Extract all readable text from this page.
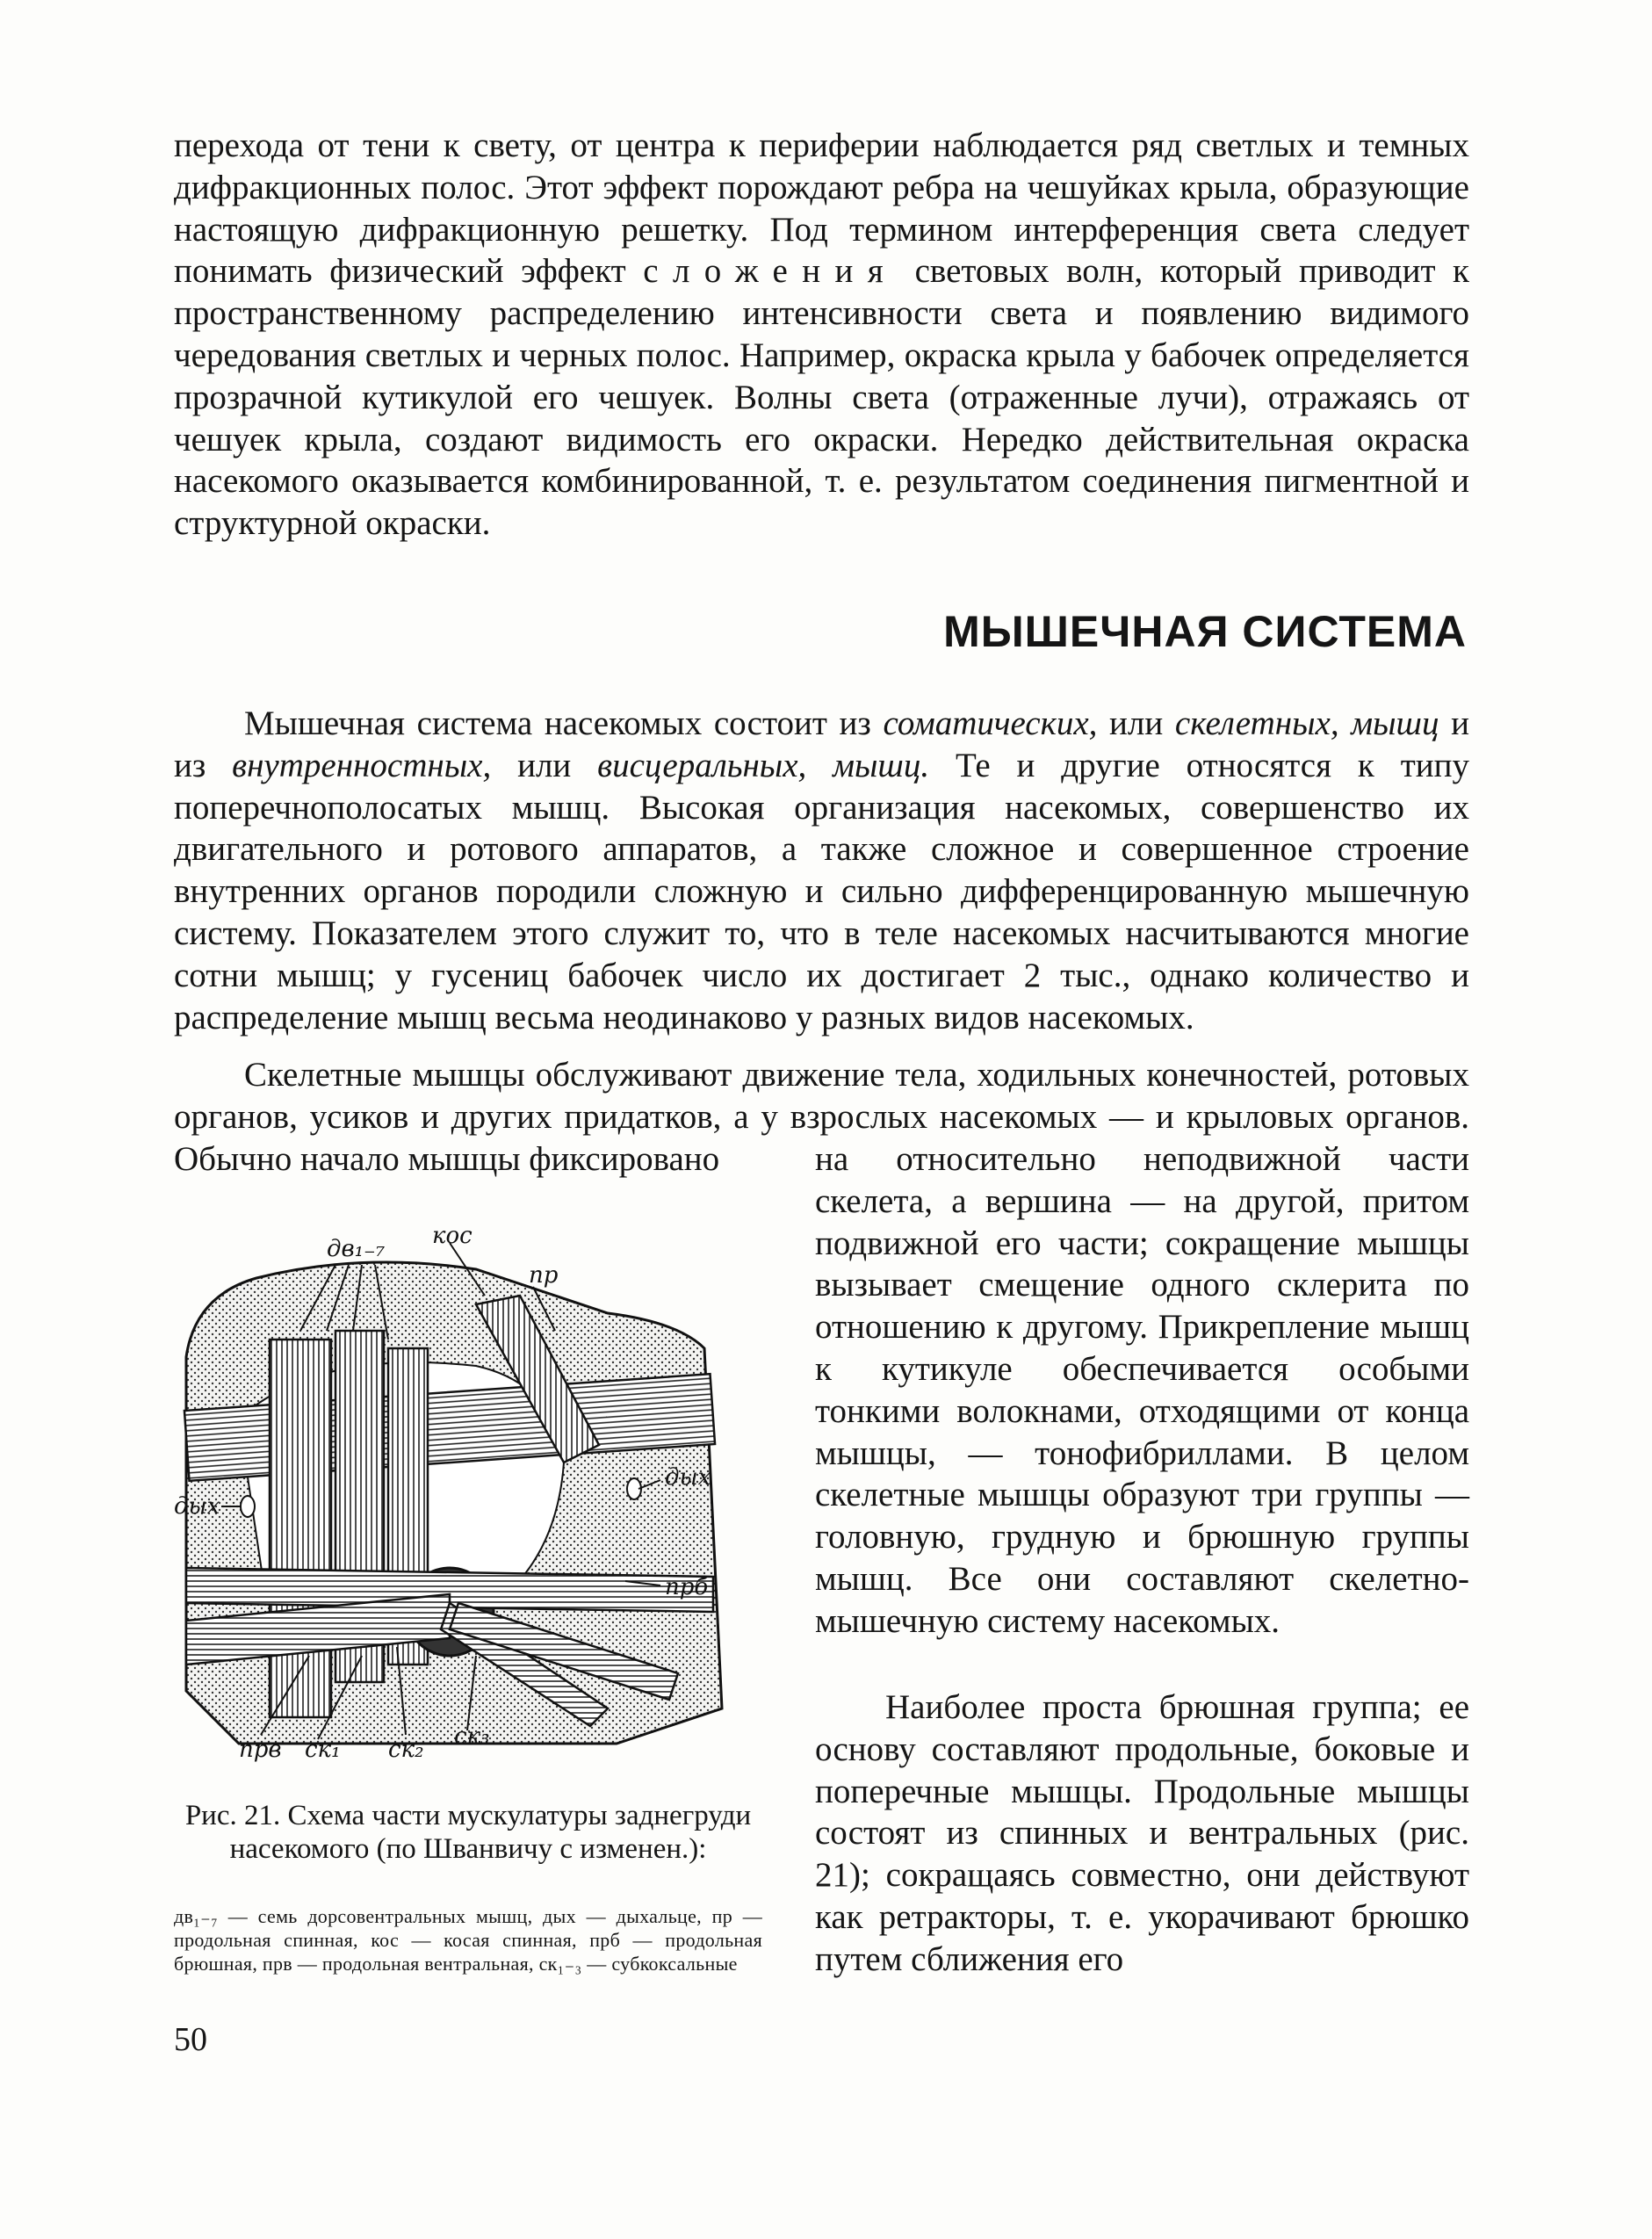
перехода от тени к свету, от центра к периферии наблюдается ряд светлых и темных дифракционных полос. Этот эффект порождают ребра на чешуйках крыла, образующие настоящую дифракционную решетку. Под термином интерференция света следует понимать физический эффект сложения световых волн, который приводит к пространственному распределению интенсивности света и появлению видимого чередования светлых и черных полос. Например, окраска крыла у бабочек определяется прозрачной кутикулой его чешуек. Волны света (отраженные лучи), отражаясь от чешуек крыла, создают видимость его окраски. Нередко действительная окраска насекомого оказывается комбинированной, т. е. результатом соединения пигментной и структурной окраски.

МЫШЕЧНАЯ СИСТЕМА

Мышечная система насекомых состоит из соматических, или скелетных, мышц и из внутренностных, или висцеральных, мышц. Те и другие относятся к типу поперечнополосатых мышц. Высокая организация насекомых, совершенство их двигательного и ротового аппаратов, а также сложное и совершенное строение внутренних органов породили сложную и сильно дифференцированную мышечную систему. Показателем этого служит то, что в теле насекомых насчитываются многие сотни мышц; у гусениц бабочек число их достигает 2 тыс., однако количество и распределение мышц весьма неодинаково у разных видов насекомых.

Скелетные мышцы обслуживают движение тела, ходильных конечностей, ротовых органов, усиков и других придатков, а у взрослых насекомых — и крыловых органов. Обычно начало мышцы фиксировано	на относительно неподвижной части скелета, а вершина — на другой, притом подвижной его части; сокращение мышцы вызывает смещение одного склерита по отношению к другому. Прикрепление мышц к кутикуле обеспечивается особыми тонкими волокнами, отходящими от конца мышцы, — тонофибриллами. В целом скелетные мышцы образуют три группы — головную, грудную и брюшную группы мышц. Все они составляют скелетно-мышечную систему насекомых.

Наиболее проста брюшная группа; ее основу составляют продольные, боковые и поперечные мышцы. Продольные мышцы состоят из спинных и вентральных (рис. 21); сокращаясь совместно, они действуют как ретракторы, т. е. укорачивают брюшко путем сближения его

дв₁₋₇ кос
пр
дых
дых
прб
прв ск₁ ск₂ ск₃

Рис. 21. Схема части мускулатуры заднегруди насекомого (по Шванвичу с изменен.):

дв₁₋₇ — семь дорсовентральных мышц, дых — дыхальце, пр — продольная спинная, кос — косая спинная, прб — продольная брюшная, прв — продольная вентральная, ск₁₋₃ — субкоксальные

50
